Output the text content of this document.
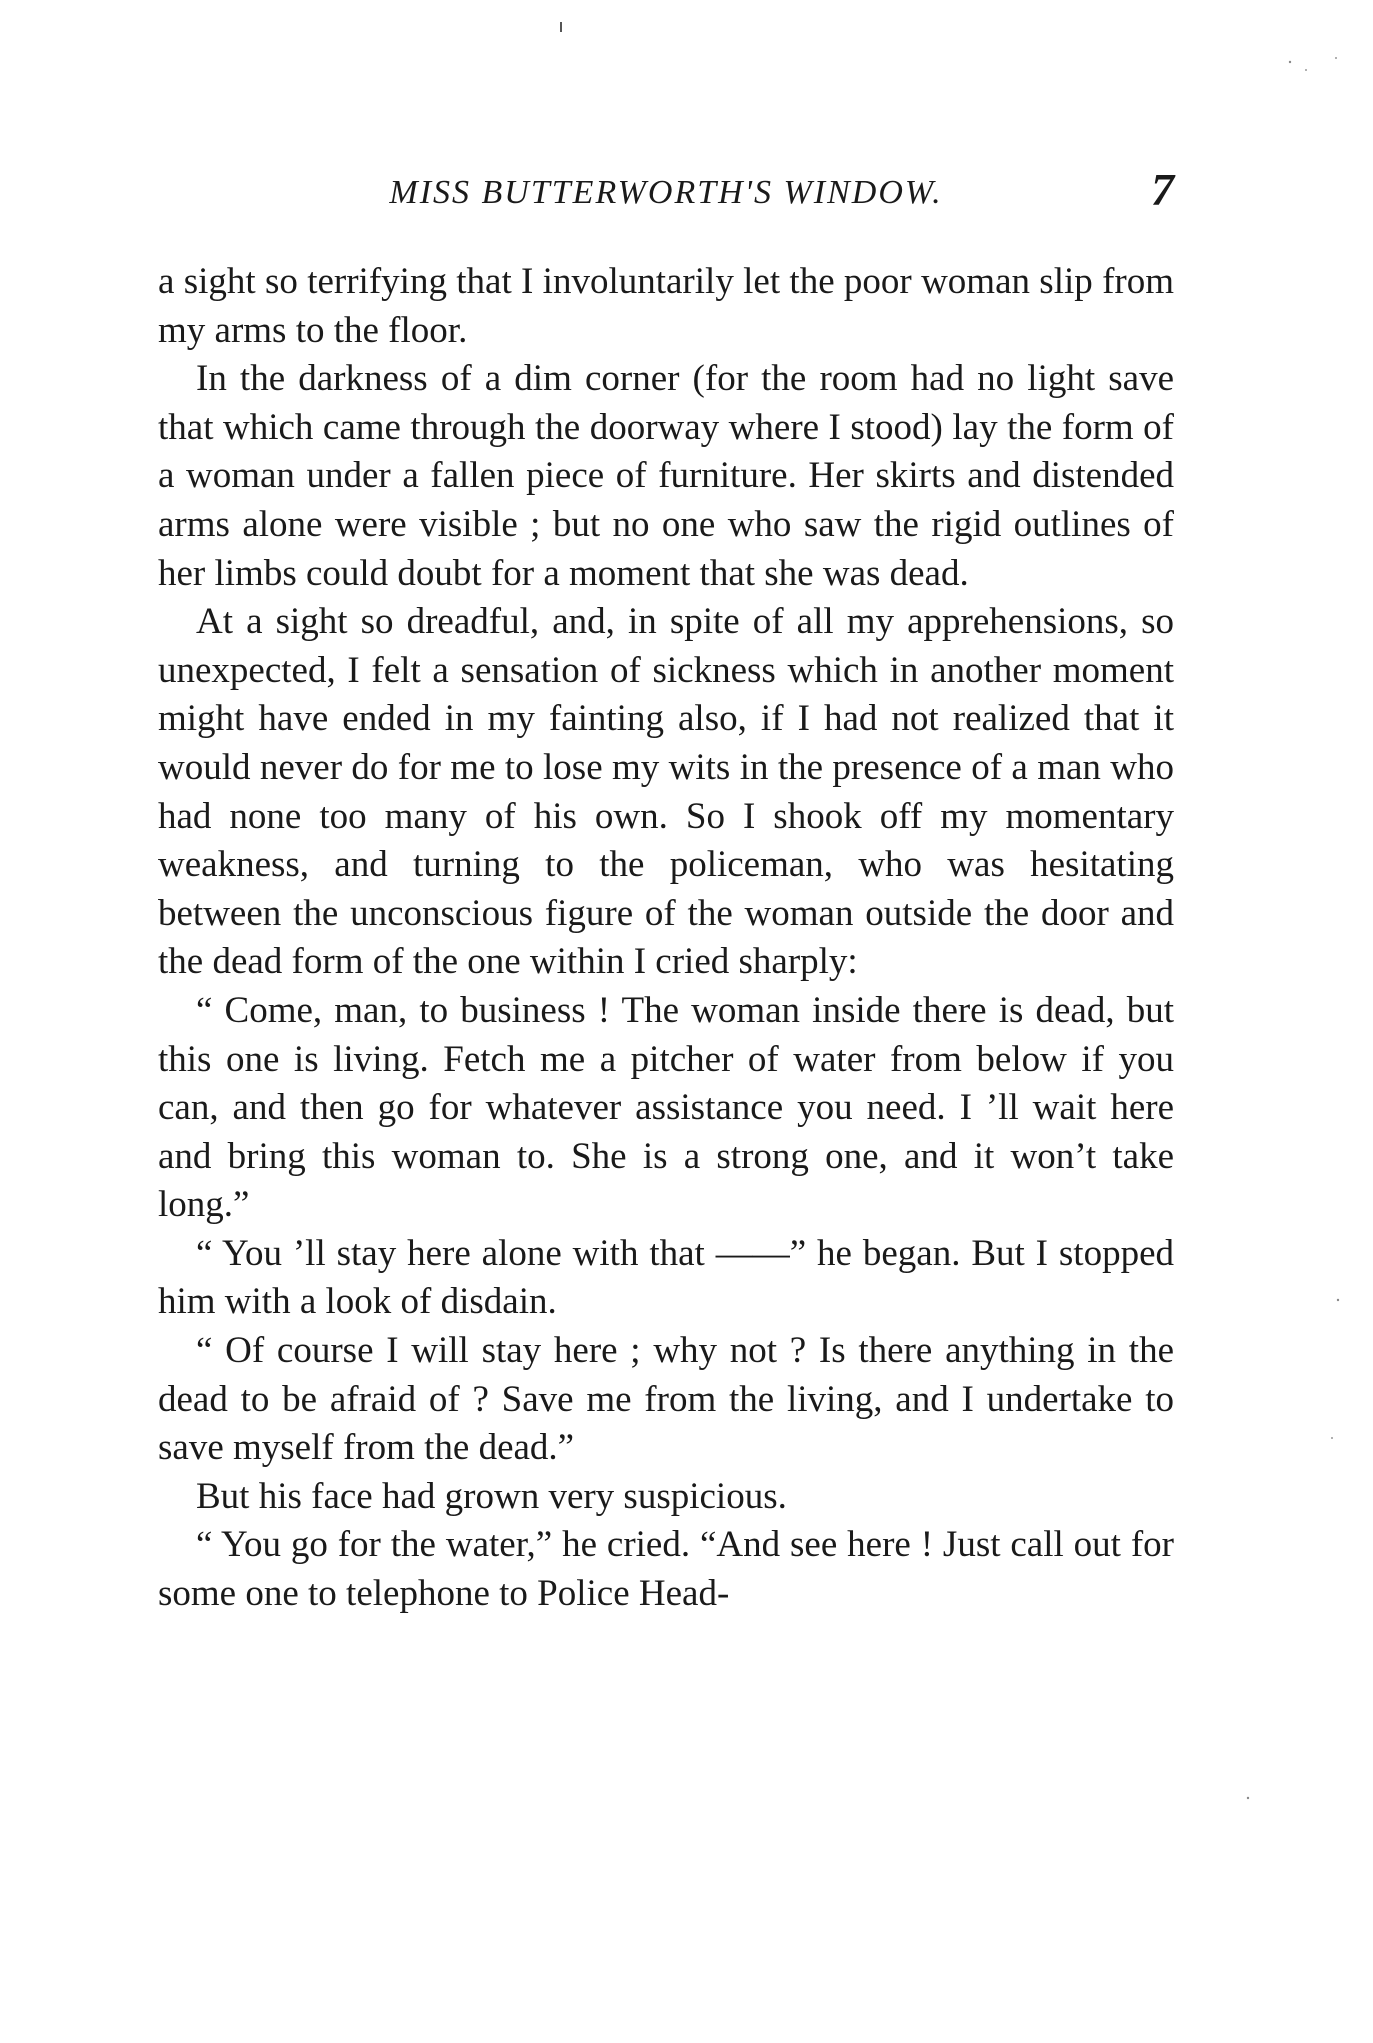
MISS BUTTERWORTH'S WINDOW.	7

a sight so terrifying that I involuntarily let the poor woman slip from my arms to the floor.

In the darkness of a dim corner (for the room had no light save that which came through the doorway where I stood) lay the form of a woman under a fallen piece of furniture. Her skirts and distended arms alone were visible ; but no one who saw the rigid outlines of her limbs could doubt for a moment that she was dead.

At a sight so dreadful, and, in spite of all my apprehensions, so unexpected, I felt a sensation of sickness which in another moment might have ended in my fainting also, if I had not realized that it would never do for me to lose my wits in the presence of a man who had none too many of his own. So I shook off my momentary weakness, and turning to the policeman, who was hesitating between the unconscious figure of the woman outside the door and the dead form of the one within I cried sharply:

“ Come, man, to business ! The woman inside there is dead, but this one is living. Fetch me a pitcher of water from below if you can, and then go for whatever assistance you need. I ’ll wait here and bring this woman to. She is a strong one, and it won’t take long.”

“ You ’ll stay here alone with that ——” he began. But I stopped him with a look of disdain.

“ Of course I will stay here ; why not ? Is there anything in the dead to be afraid of ? Save me from the living, and I undertake to save myself from the dead.”

But his face had grown very suspicious.

“ You go for the water,” he cried. “And see here ! Just call out for some one to telephone to Police Head-
